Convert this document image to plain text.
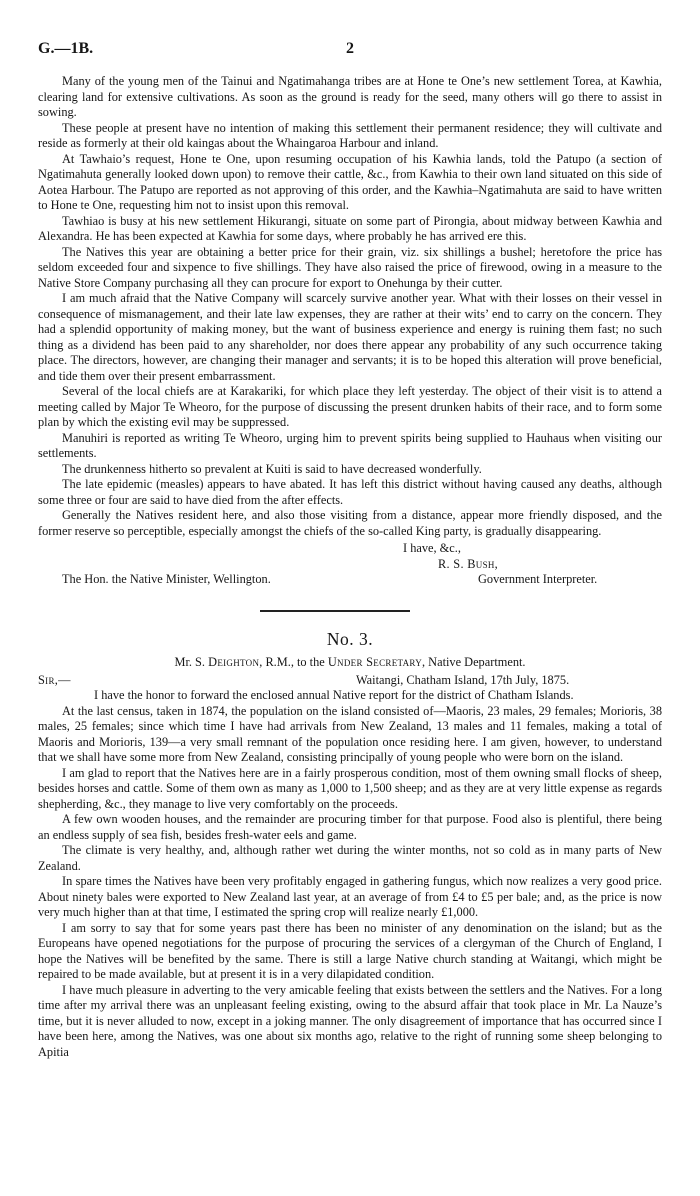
G.—1B.	2

Many of the young men of the Tainui and Ngatimahanga tribes are at Hone te One’s new settlement Torea, at Kawhia, clearing land for extensive cultivations. As soon as the ground is ready for the seed, many others will go there to assist in sowing.

These people at present have no intention of making this settlement their permanent residence; they will cultivate and reside as formerly at their old kaingas about the Whaingaroa Harbour and inland.

At Tawhaio’s request, Hone te One, upon resuming occupation of his Kawhia lands, told the Patupo (a section of Ngatimahuta generally looked down upon) to remove their cattle, &c., from Kawhia to their own land situated on this side of Aotea Harbour. The Patupo are reported as not approving of this order, and the Kawhia–Ngatimahuta are said to have written to Hone te One, requesting him not to insist upon this removal.

Tawhiao is busy at his new settlement Hikurangi, situate on some part of Pirongia, about midway between Kawhia and Alexandra. He has been expected at Kawhia for some days, where probably he has arrived ere this.

The Natives this year are obtaining a better price for their grain, viz. six shillings a bushel; heretofore the price has seldom exceeded four and sixpence to five shillings. They have also raised the price of firewood, owing in a measure to the Native Store Company purchasing all they can procure for export to Onehunga by their cutter.

I am much afraid that the Native Company will scarcely survive another year. What with their losses on their vessel in consequence of mismanagement, and their late law expenses, they are rather at their wits’ end to carry on the concern. They had a splendid opportunity of making money, but the want of business experience and energy is ruining them fast; no such thing as a dividend has been paid to any shareholder, nor does there appear any probability of any such occurrence taking place. The directors, however, are changing their manager and servants; it is to be hoped this alteration will prove beneficial, and tide them over their present embarrassment.

Several of the local chiefs are at Karakariki, for which place they left yesterday. The object of their visit is to attend a meeting called by Major Te Wheoro, for the purpose of discussing the present drunken habits of their race, and to form some plan by which the existing evil may be suppressed.

Manuhiri is reported as writing Te Wheoro, urging him to prevent spirits being supplied to Hauhaus when visiting our settlements.

The drunkenness hitherto so prevalent at Kuiti is said to have decreased wonderfully.

The late epidemic (measles) appears to have abated. It has left this district without having caused any deaths, although some three or four are said to have died from the after effects.

Generally the Natives resident here, and also those visiting from a distance, appear more friendly disposed, and the former reserve so perceptible, especially amongst the chiefs of the so-called King party, is gradually disappearing.

I have, &c.,
R. S. Bush,
The Hon. the Native Minister, Wellington.	Government Interpreter.
No. 3.
Mr. S. Deighton, R.M., to the Under Secretary, Native Department.
Sir,—	Waitangi, Chatham Island, 17th July, 1875.

I have the honor to forward the enclosed annual Native report for the district of Chatham Islands.

At the last census, taken in 1874, the population on the island consisted of—Maoris, 23 males, 29 females; Morioris, 38 males, 25 females; since which time I have had arrivals from New Zealand, 13 males and 11 females, making a total of Maoris and Morioris, 139—a very small remnant of the population once residing here. I am given, however, to understand that we shall have some more from New Zealand, consisting principally of young people who were born on the island.

I am glad to report that the Natives here are in a fairly prosperous condition, most of them owning small flocks of sheep, besides horses and cattle. Some of them own as many as 1,000 to 1,500 sheep; and as they are at very little expense as regards shepherding, &c., they manage to live very comfortably on the proceeds.

A few own wooden houses, and the remainder are procuring timber for that purpose. Food also is plentiful, there being an endless supply of sea fish, besides fresh-water eels and game.

The climate is very healthy, and, although rather wet during the winter months, not so cold as in many parts of New Zealand.

In spare times the Natives have been very profitably engaged in gathering fungus, which now realizes a very good price. About ninety bales were exported to New Zealand last year, at an average of from £4 to £5 per bale; and, as the price is now very much higher than at that time, I estimated the spring crop will realize nearly £1,000.

I am sorry to say that for some years past there has been no minister of any denomination on the island; but as the Europeans have opened negotiations for the purpose of procuring the services of a clergyman of the Church of England, I hope the Natives will be benefited by the same. There is still a large Native church standing at Waitangi, which might be repaired to be made available, but at present it is in a very dilapidated condition.

I have much pleasure in adverting to the very amicable feeling that exists between the settlers and the Natives. For a long time after my arrival there was an unpleasant feeling existing, owing to the absurd affair that took place in Mr. La Nauze’s time, but it is never alluded to now, except in a joking manner. The only disagreement of importance that has occurred since I have been here, among the Natives, was one about six months ago, relative to the right of running some sheep belonging to Apitia
